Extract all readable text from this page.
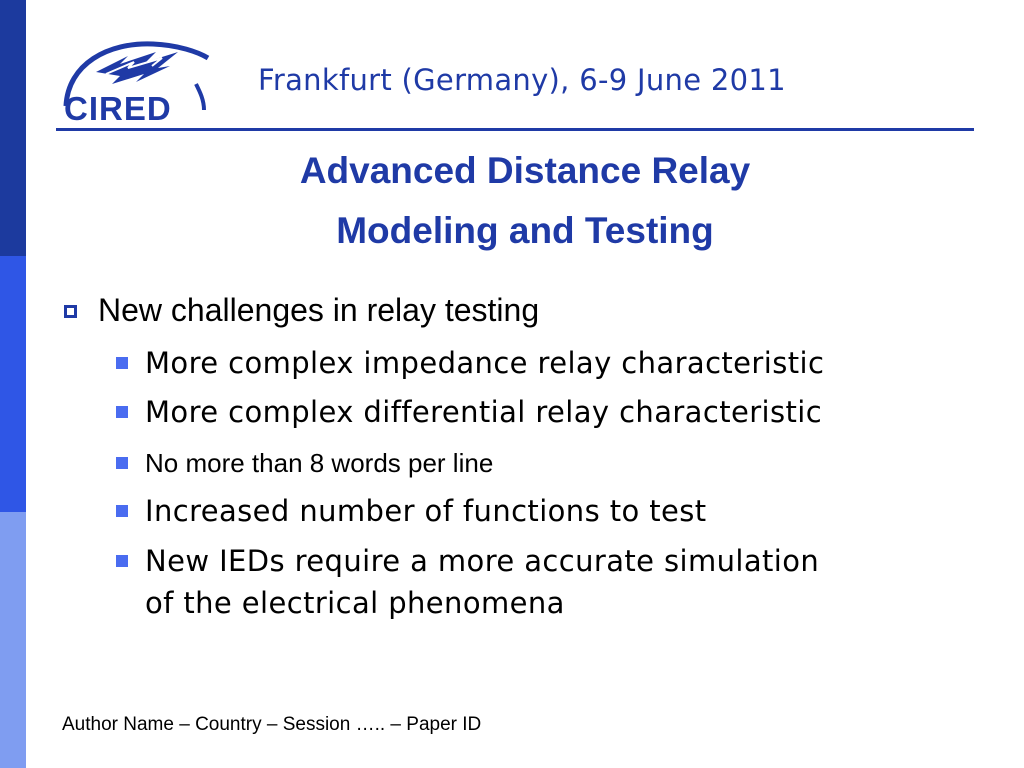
CIRED
Frankfurt (Germany), 6-9 June 2011
Advanced Distance Relay
Modeling and Testing
New challenges in relay testing
More complex impedance relay characteristic
More complex differential relay characteristic
No more than 8 words per line
Increased number of functions to test
New IEDs require a more accurate simulation
of the electrical phenomena
Author Name – Country – Session ….. – Paper ID
